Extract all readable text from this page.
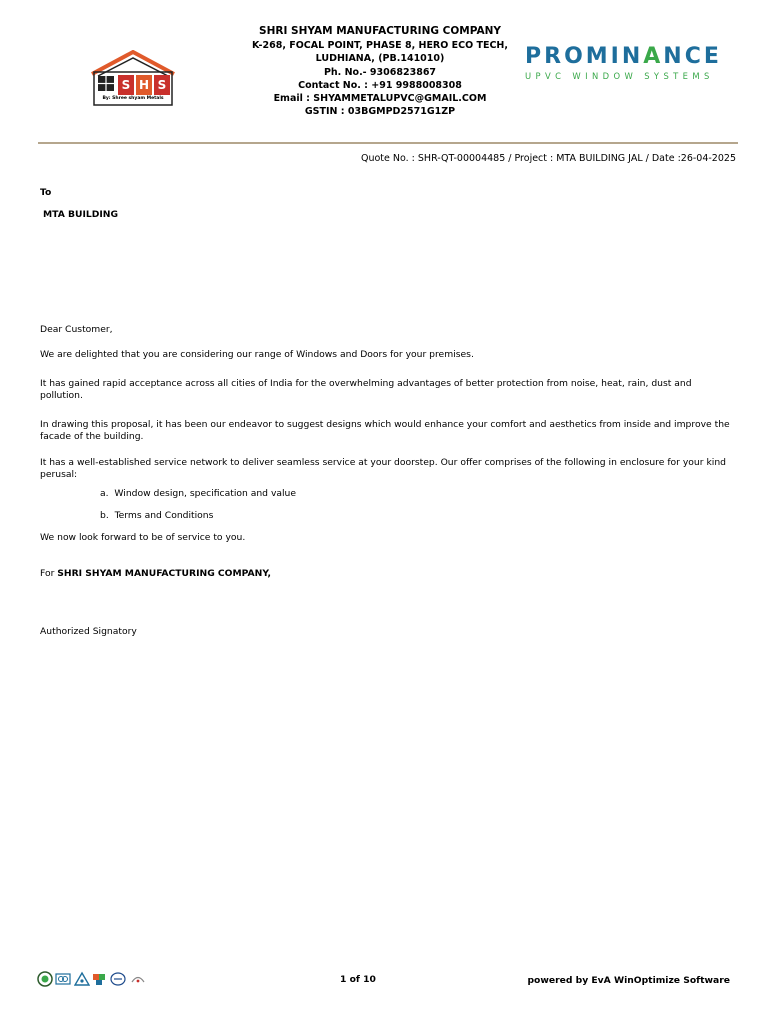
S H S
By: Shree shyam Metals
SHRI SHYAM MANUFACTURING COMPANY
K-268, FOCAL POINT, PHASE 8, HERO ECO TECH,
LUDHIANA, (PB.141010)
Ph. No.- 9306823867
Contact No. : +91 9988008308
Email : SHYAMMETALUPVC@GMAIL.COM
GSTIN : 03BGMPD2571G1ZP
PROMINANCE
UPVC WINDOW SYSTEMS
Quote No. : SHR-QT-00004485 / Project : MTA BUILDING JAL / Date :26-04-2025
To
MTA BUILDING
Dear Customer,
We are delighted that you are considering our range of Windows and Doors for your premises.
It has gained rapid acceptance across all cities of India for the overwhelming advantages of better protection from noise, heat, rain, dust and pollution.
In drawing this proposal, it has been our endeavor to suggest designs which would enhance your comfort and aesthetics from inside and improve the facade of the building.
It has a well-established service network to deliver seamless service at your doorstep. Our offer comprises of the following in enclosure for your kind perusal:
a. Window design, specification and value
b. Terms and Conditions
We now look forward to be of service to you.
For SHRI SHYAM MANUFACTURING COMPANY,
Authorized Signatory
1 of 10	powered by EvA WinOptimize Software
